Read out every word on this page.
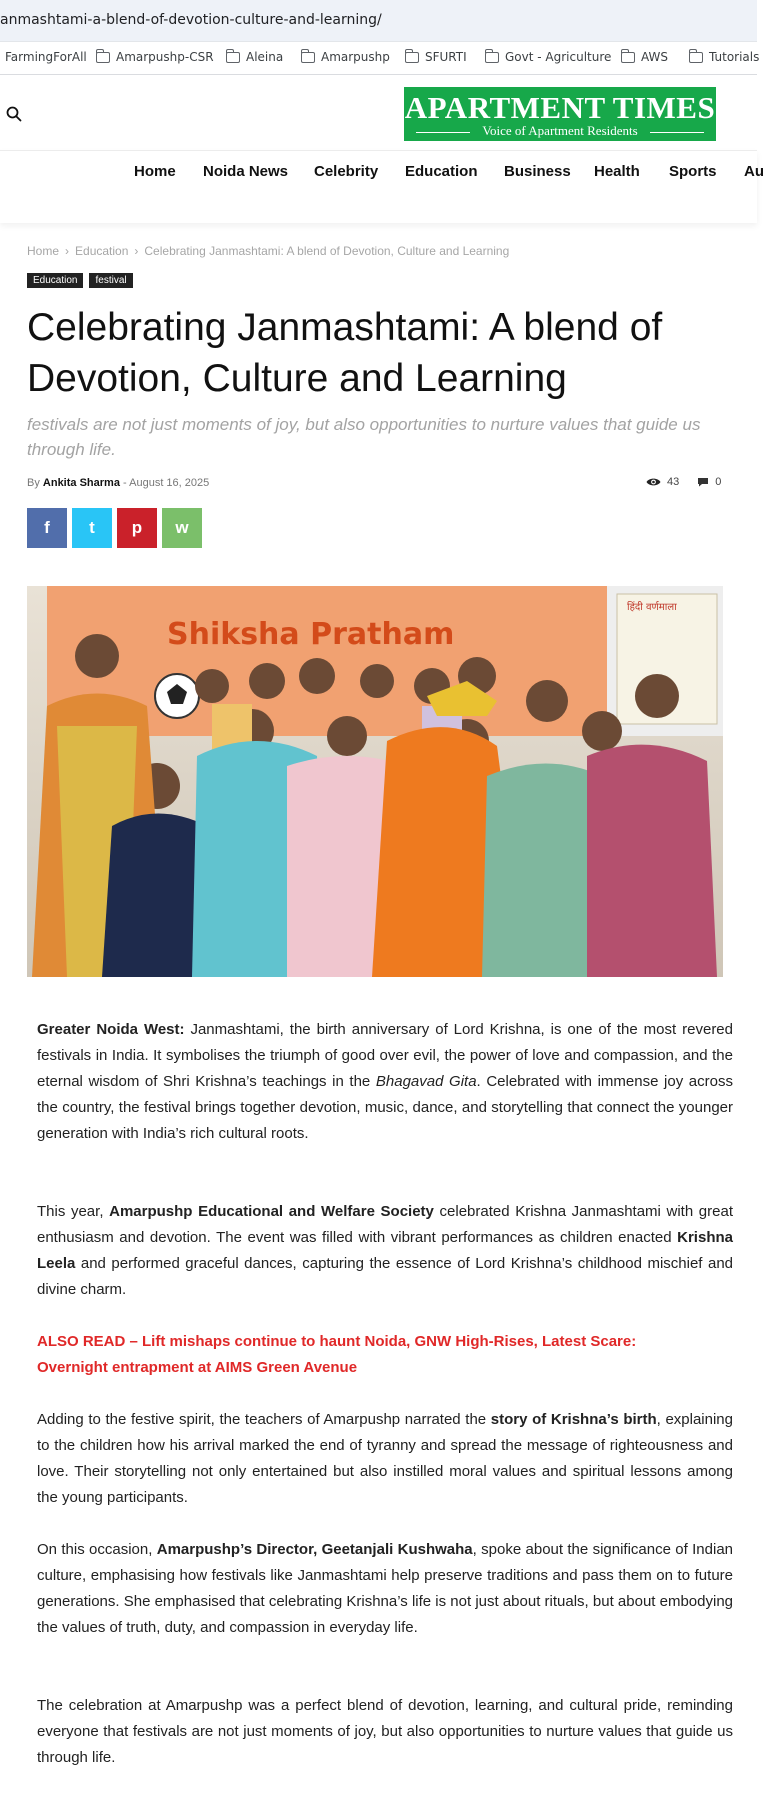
anmashtami-a-blend-of-devotion-culture-and-learning/
FarmingForAll Amarpushp-CSR	Aleina	Amarpushp	SFURTI	Govt - Agriculture AWS	Tutorials
APARTMENT TIMES
Voice of Apartment Residents
Home Noida News Celebrity Education Business Health Sports Au
Home › Education › Celebrating Janmashtami: A blend of Devotion, Culture and Learning
Education	festival
Celebrating Janmashtami: A blend of Devotion, Culture and Learning

festivals are not just moments of joy, but also opportunities to nurture values that guide us through life.

By Ankita Sharma - August 16, 2025	43	0
f t p w
हिंदी वर्णमाला
Shiksha Pratham

Greater Noida West: Janmashtami, the birth anniversary of Lord Krishna, is one of the most revered festivals in India. It symbolises the triumph of good over evil, the power of love and compassion, and the eternal wisdom of Shri Krishna’s teachings in the Bhagavad Gita. Celebrated with immense joy across the country, the festival brings together devotion, music, dance, and storytelling that connect the younger generation with India’s rich cultural roots.

This year, Amarpushp Educational and Welfare Society celebrated Krishna Janmashtami with great enthusiasm and devotion. The event was filled with vibrant performances as children enacted Krishna Leela and performed graceful dances, capturing the essence of Lord Krishna’s childhood mischief and divine charm.

ALSO READ – Lift mishaps continue to haunt Noida, GNW High-Rises, Latest Scare: Overnight entrapment at AIMS Green Avenue

Adding to the festive spirit, the teachers of Amarpushp narrated the story of Krishna’s birth, explaining to the children how his arrival marked the end of tyranny and spread the message of righteousness and love. Their storytelling not only entertained but also instilled moral values and spiritual lessons among the young participants.

On this occasion, Amarpushp’s Director, Geetanjali Kushwaha, spoke about the significance of Indian culture, emphasising how festivals like Janmashtami help preserve traditions and pass them on to future generations. She emphasised that celebrating Krishna’s life is not just about rituals, but about embodying the values of truth, duty, and compassion in everyday life.

The celebration at Amarpushp was a perfect blend of devotion, learning, and cultural pride, reminding everyone that festivals are not just moments of joy, but also opportunities to nurture values that guide us through life.
